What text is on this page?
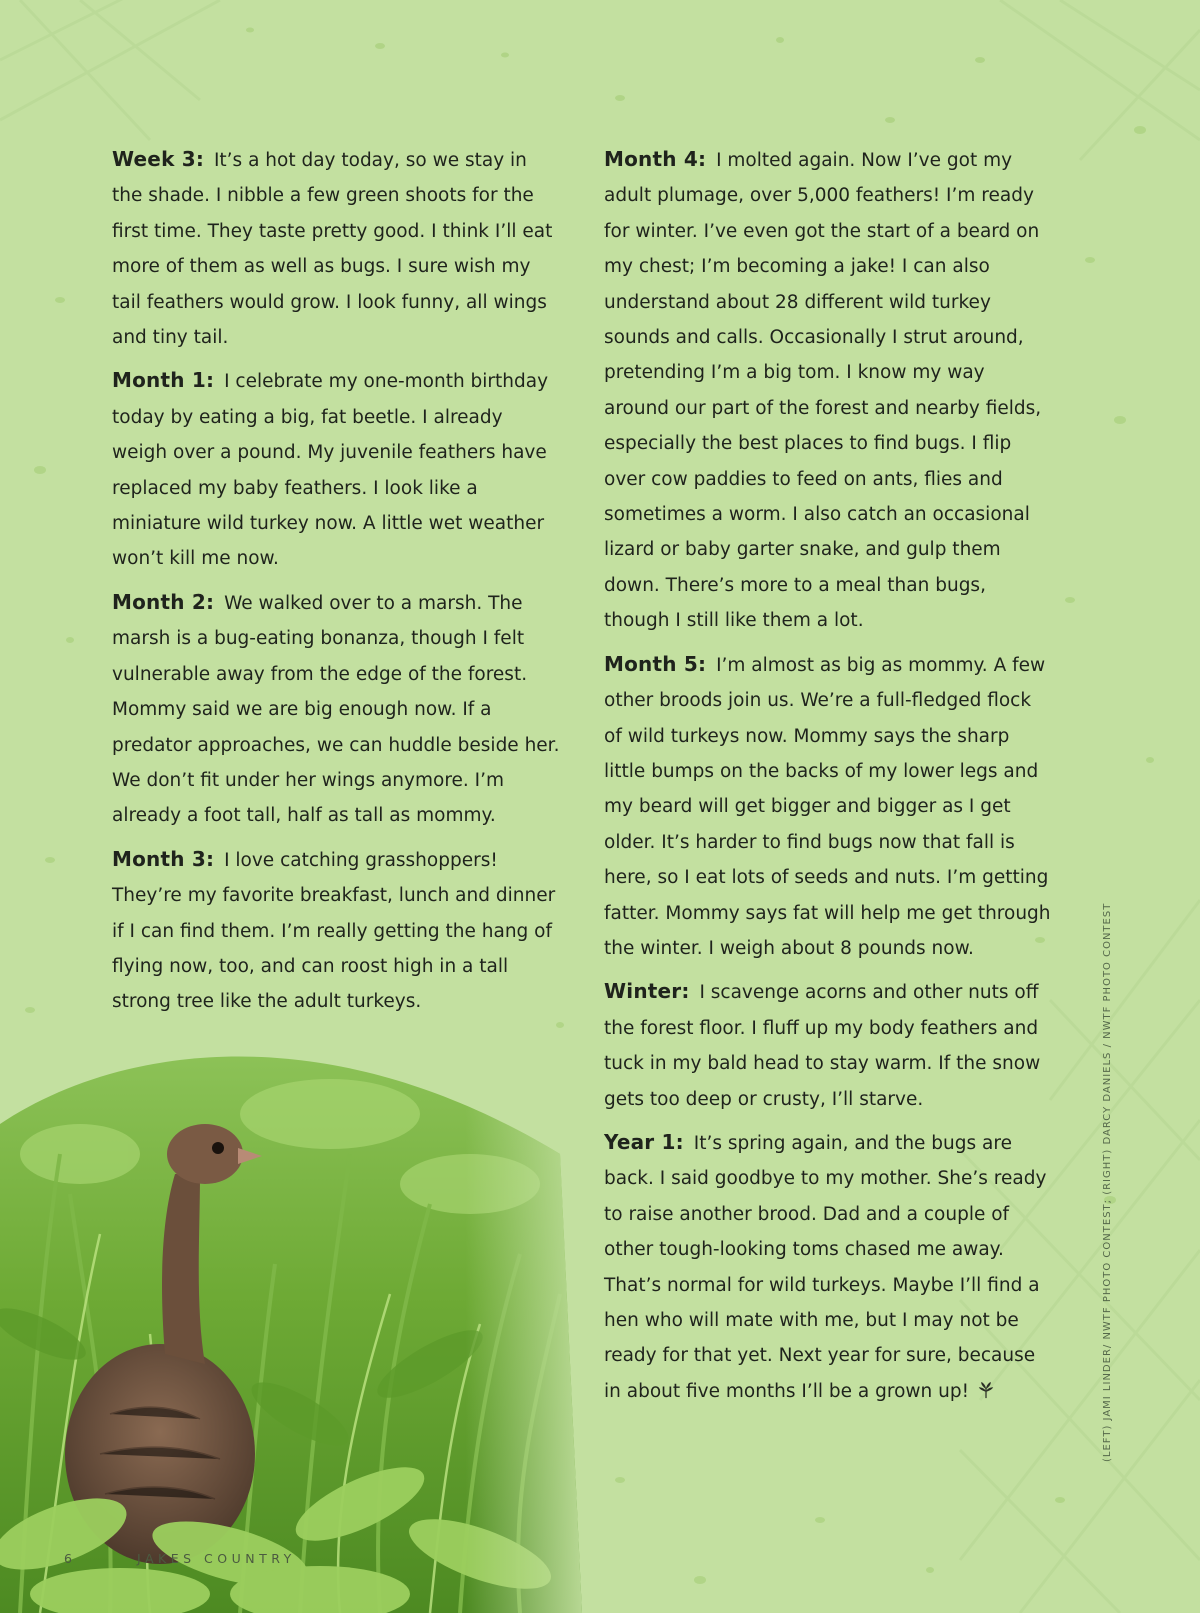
Week 3: It’s a hot day today, so we stay in the shade. I nibble a few green shoots for the first time. They taste pretty good. I think I’ll eat more of them as well as bugs. I sure wish my tail feathers would grow. I look funny, all wings and tiny tail.

Month 1: I celebrate my one-month birthday today by eating a big, fat beetle. I already weigh over a pound. My juvenile feathers have replaced my baby feathers. I look like a miniature wild turkey now. A little wet weather won’t kill me now.

Month 2: We walked over to a marsh. The marsh is a bug-eating bonanza, though I felt vulnerable away from the edge of the forest. Mommy said we are big enough now. If a predator approaches, we can huddle beside her. We don’t fit under her wings anymore. I’m already a foot tall, half as tall as mommy.

Month 3: I love catching grasshoppers! They’re my favorite breakfast, lunch and dinner if I can find them. I’m really getting the hang of flying now, too, and can roost high in a tall strong tree like the adult turkeys.

Month 4: I molted again. Now I’ve got my adult plumage, over 5,000 feathers! I’m ready for winter. I’ve even got the start of a beard on my chest; I’m becoming a jake! I can also understand about 28 different wild turkey sounds and calls. Occasionally I strut around, pretending I’m a big tom. I know my way around our part of the forest and nearby fields, especially the best places to find bugs. I flip over cow paddies to feed on ants, flies and sometimes a worm. I also catch an occasional lizard or baby garter snake, and gulp them down. There’s more to a meal than bugs, though I still like them a lot.

Month 5: I’m almost as big as mommy. A few other broods join us. We’re a full-fledged flock of wild turkeys now. Mommy says the sharp little bumps on the backs of my lower legs and my beard will get bigger and bigger as I get older. It’s harder to find bugs now that fall is here, so I eat lots of seeds and nuts. I’m getting fatter. Mommy says fat will help me get through the winter. I weigh about 8 pounds now.

Winter: I scavenge acorns and other nuts off the forest floor. I fluff up my body feathers and tuck in my bald head to stay warm. If the snow gets too deep or crusty, I’ll starve.

Year 1: It’s spring again, and the bugs are back. I said goodbye to my mother. She’s ready to raise another brood. Dad and a couple of other tough-looking toms chased me away. That’s normal for wild turkeys. Maybe I’ll find a hen who will mate with me, but I may not be ready for that yet. Next year for sure, because in about five months I’ll be a grown up!

6	JAKES COUNTRY
(LEFT) JAMI LINDER/ NWTF PHOTO CONTEST; (RIGHT) DARCY DANIELS / NWTF PHOTO CONTEST
